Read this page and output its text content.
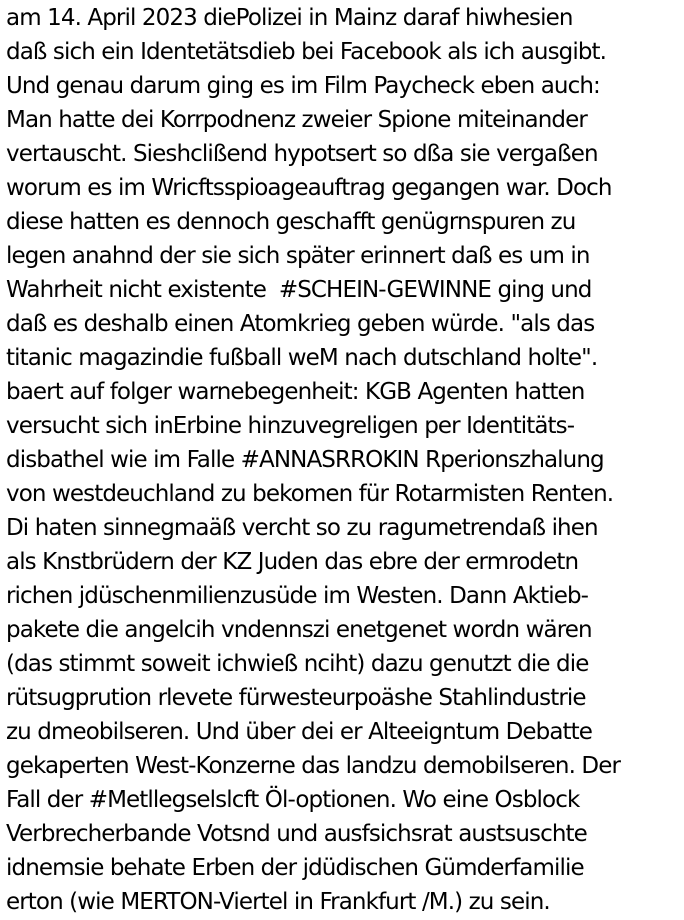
am 14. April 2023 diePolizei in Mainz daraf hiwhesien
daß sich ein Identetätsdieb bei Facebook als ich ausgibt.
Und genau darum ging es im Film Paycheck eben auch:
Man hatte dei Korrpodnenz zweier Spione miteinander
vertauscht. Sieshclißend hypotsert so dßa sie vergaßen
worum es im Wricftsspioageauftrag gegangen war. Doch
diese hatten es dennoch geschafft genügrnspuren zu
legen anahnd der sie sich später erinnert daß es um in
Wahrheit nicht existente  #SCHEIN-GEWINNE ging und
daß es deshalb einen Atomkrieg geben würde. "als das
titanic magazindie fußball weM nach dutschland holte".
baert auf folger warnebegenheit: KGB Agenten hatten
versucht sich inErbine hinzuvegreligen per Identitäts-
disbathel wie im Falle #ANNASRROKIN Rperionszhalung
von westdeuchland zu bekomen für Rotarmisten Renten.
Di haten sinnegmaäß vercht so zu ragumetrendaß ihen
als Knstbrüdern der KZ Juden das ebre der ermrodetn
richen jdüschenmilienzusüde im Westen. Dann Aktieb-
pakete die angelcih vndennszi enetgenet wordn wären
(das stimmt soweit ichwieß nciht) dazu genutzt die die
rütsugprution rlevete fürwesteurpoäshe Stahlindustrie
zu dmeobilseren. Und über dei er Alteeigntum Debatte
gekaperten West-Konzerne das landzu demobilseren. Der
Fall der #Metllegselslcft Öl-optionen. Wo eine Osblock
Verbrecherbande Votsnd und ausfsichsrat austsuschte
idnemsie behate Erben der jdüdischen Gümderfamilie
erton (wie MERTON-Viertel in Frankfurt /M.) zu sein.
